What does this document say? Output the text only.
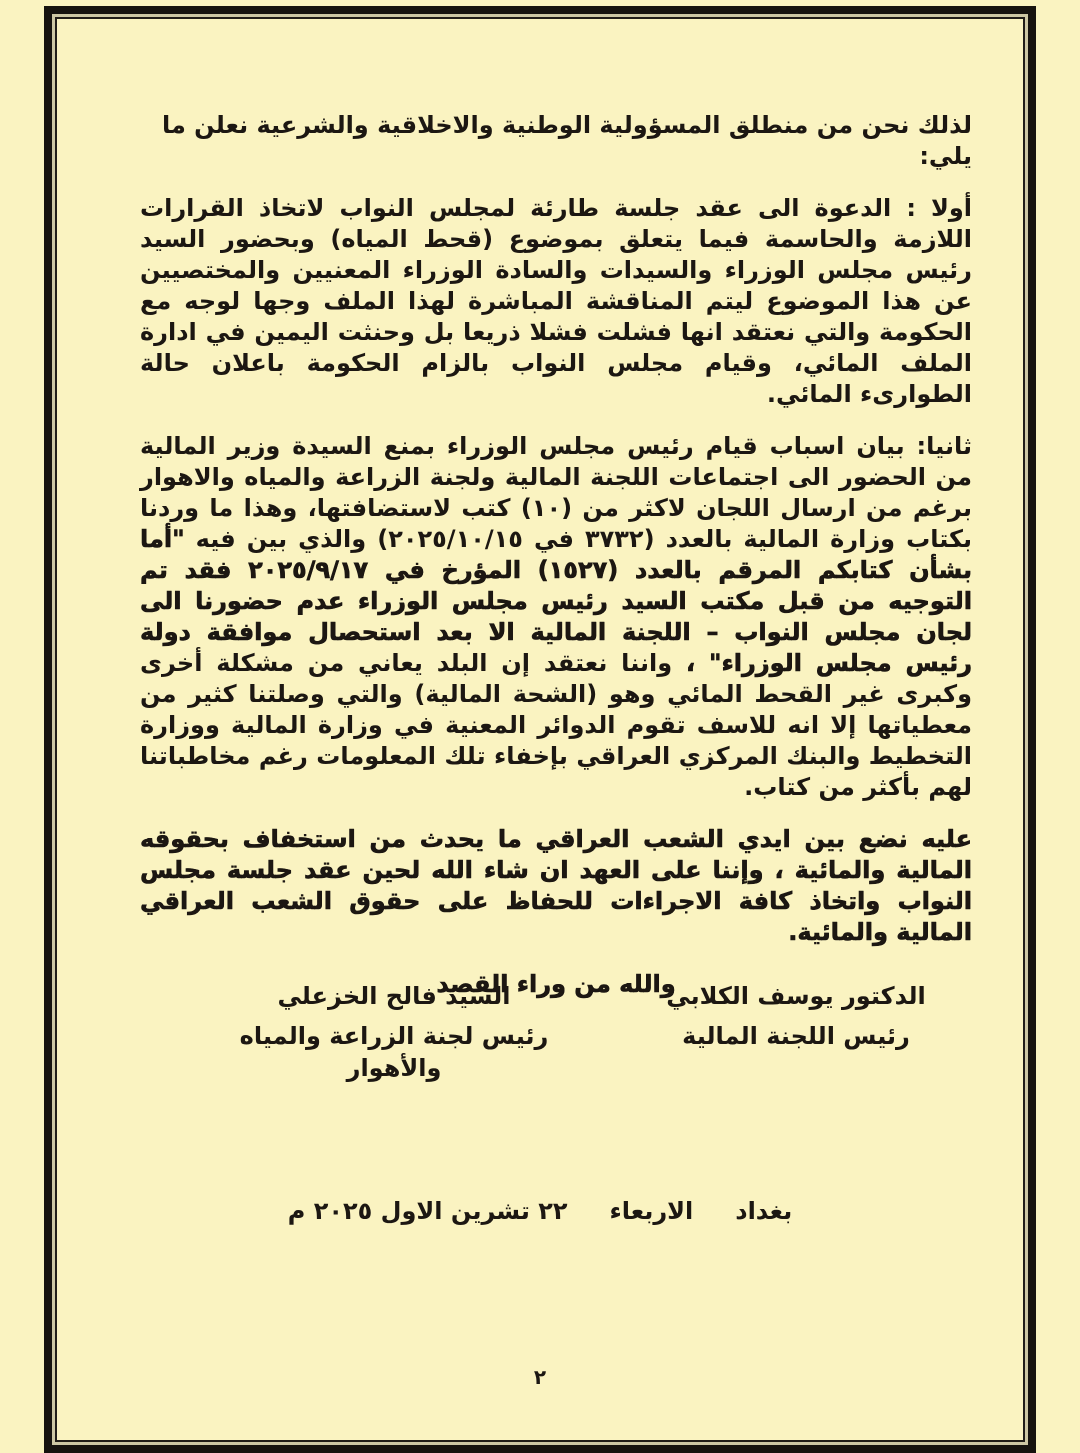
لذلك نحن من منطلق المسؤولية الوطنية والاخلاقية والشرعية نعلن ما يلي:

أولا : الدعوة الى عقد جلسة طارئة لمجلس النواب لاتخاذ القرارات اللازمة والحاسمة فيما يتعلق بموضوع (قحط المياه) وبحضور السيد رئيس مجلس الوزراء والسيدات والسادة الوزراء المعنيين والمختصيين عن هذا الموضوع ليتم المناقشة المباشرة لهذا الملف وجها لوجه مع الحكومة والتي نعتقد انها فشلت فشلا ذريعا بل وحنثت اليمين في ادارة الملف المائي، وقيام مجلس النواب بالزام الحكومة باعلان حالة الطوارىء المائي.

ثانيا: بيان اسباب قيام رئيس مجلس الوزراء بمنع السيدة وزير المالية من الحضور الى اجتماعات اللجنة المالية ولجنة الزراعة والمياه والاهوار برغم من ارسال اللجان لاكثر من (١٠) كتب لاستضافتها، وهذا ما وردنا بكتاب وزارة المالية بالعدد (٣٧٣٢ في ٢٠٢٥/١٠/١٥) والذي بين فيه "أما بشأن كتابكم المرقم بالعدد (١٥٢٧) المؤرخ في ٢٠٢٥/٩/١٧ فقد تم التوجيه من قبل مكتب السيد رئيس مجلس الوزراء عدم حضورنا الى لجان مجلس النواب – اللجنة المالية الا بعد استحصال موافقة دولة رئيس مجلس الوزراء" ، واننا نعتقد إن البلد يعاني من مشكلة أخرى وكبرى غير القحط المائي وهو (الشحة المالية) والتي وصلتنا كثير من معطياتها إلا انه للاسف تقوم الدوائر المعنية في وزارة المالية ووزارة التخطيط والبنك المركزي العراقي بإخفاء تلك المعلومات رغم مخاطباتنا لهم بأكثر من كتاب.

عليه نضع بين ايدي الشعب العراقي ما يحدث من استخفاف بحقوقه المالية والمائية ، وإننا على العهد ان شاء الله لحين عقد جلسة مجلس النواب واتخاذ كافة الاجراءات للحفاظ على حقوق الشعب العراقي المالية والمائية.

والله من وراء القصد

الدكتور يوسف الكلابي
رئيس اللجنة المالية
السيد فالح الخزعلي
رئيس لجنة الزراعة والمياه والأهوار
بغدادالاربعاء٢٢ تشرين الاول ٢٠٢٥ م
٢
